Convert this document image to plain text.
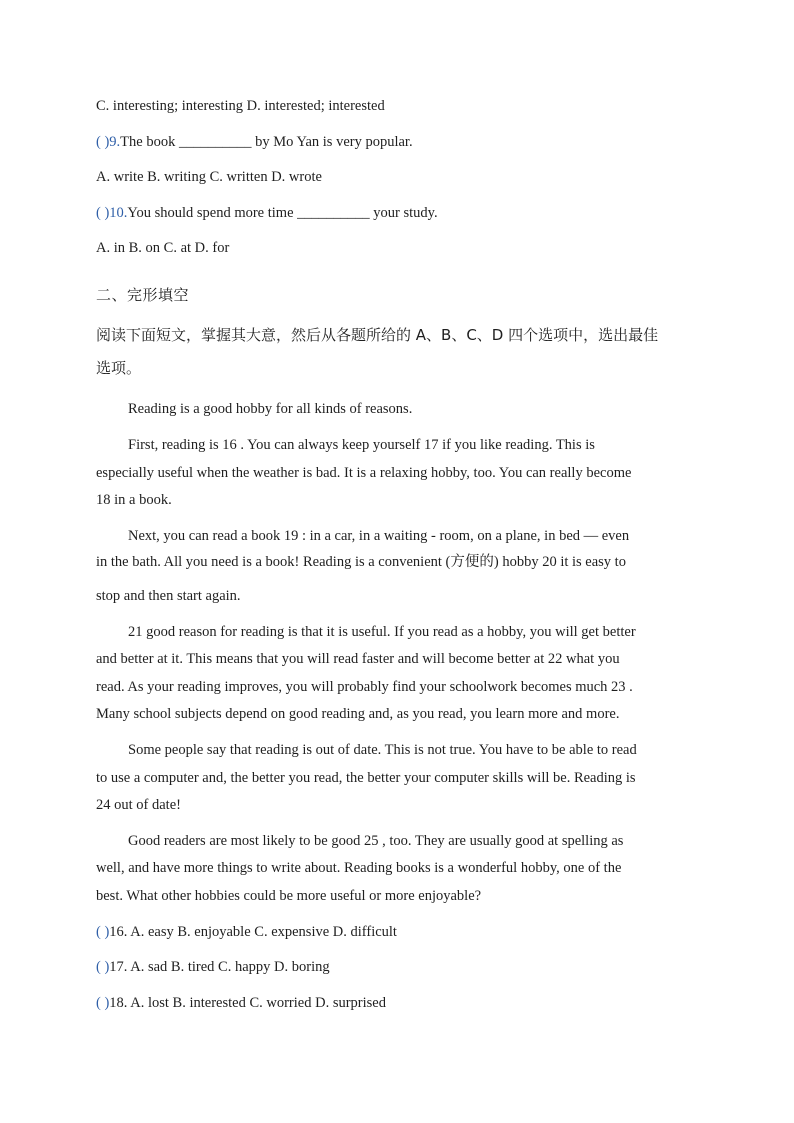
C. interesting; interesting D. interested; interested
( )9.The book __________ by Mo Yan is very popular.
A. write B. writing C. written D. wrote
( )10.You should spend more time __________ your study.
A. in B. on C. at D. for
二、完形填空
阅读下面短文，掌握其大意，然后从各题所给的 A、B、C、D 四个选项中，选出最佳
选项。
Reading is a good hobby for all kinds of reasons.
First, reading is 16 . You can always keep yourself 17 if you like reading. This is
especially useful when the weather is bad. It is a relaxing hobby, too. You can really become
18 in a book.
Next, you can read a book 19 : in a car, in a waiting - room, on a plane, in bed — even
in the bath. All you need is a book! Reading is a convenient (方便的) hobby 20 it is easy to
stop and then start again.
21 good reason for reading is that it is useful. If you read as a hobby, you will get better
and better at it. This means that you will read faster and will become better at 22 what you
read. As your reading improves, you will probably find your schoolwork becomes much 23 .
Many school subjects depend on good reading and, as you read, you learn more and more.
Some people say that reading is out of date. This is not true. You have to be able to read
to use a computer and, the better you read, the better your computer skills will be. Reading is
24 out of date!
Good readers are most likely to be good 25 , too. They are usually good at spelling as
well, and have more things to write about. Reading books is a wonderful hobby, one of the
best. What other hobbies could be more useful or more enjoyable?
( )16. A. easy B. enjoyable C. expensive D. difficult
( )17. A. sad B. tired C. happy D. boring
( )18. A. lost B. interested C. worried D. surprised
